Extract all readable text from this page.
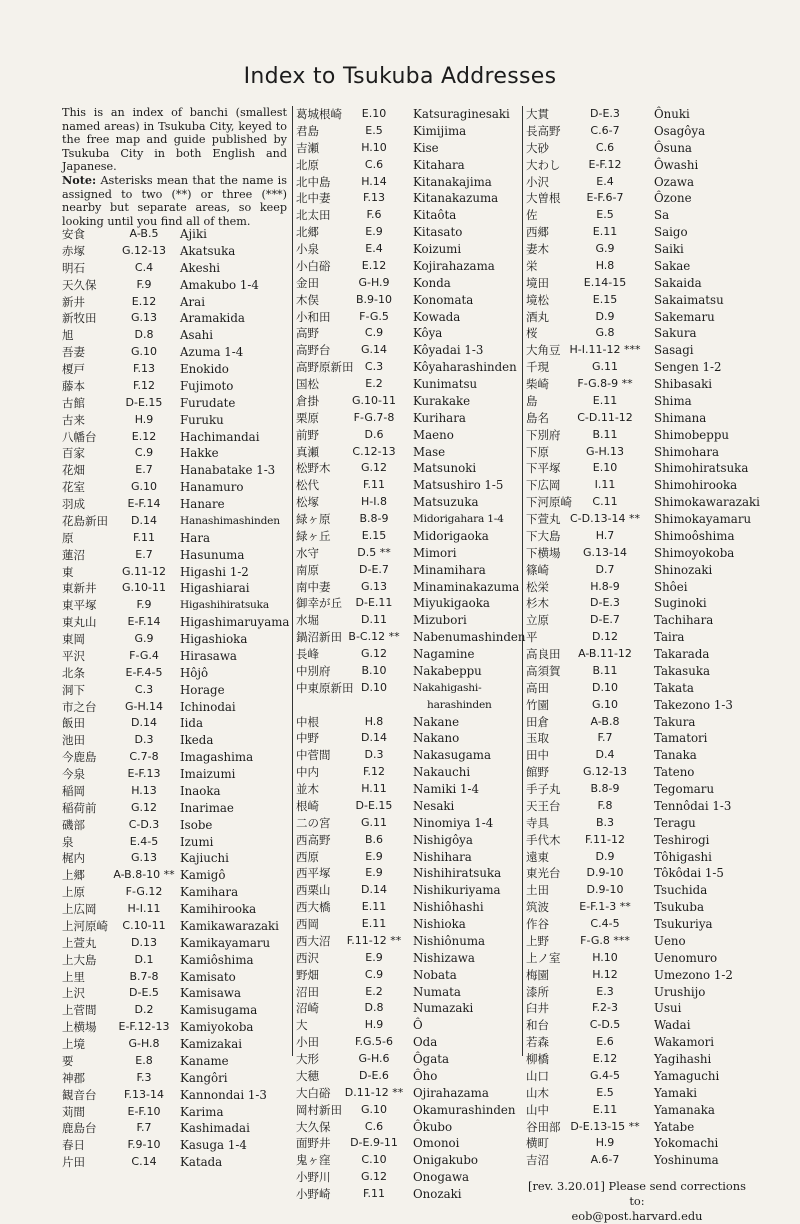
Index to Tsukuba Addresses

This is an index of banchi (smallest named areas) in Tsukuba City, keyed to the free map and guide published by Tsukuba City in both English and Japanese.
Note: Asterisks mean that the name is assigned to two (**) or three (***) nearby but separate areas, so keep looking until you find all of them.

安食	A-B.5	Ajiki
赤塚	G.12-13	Akatsuka
明石	C.4	Akeshi
天久保	F.9	Amakubo 1-4
新井	E.12	Arai
新牧田	G.13	Aramakida
旭	D.8	Asahi
吾妻	G.10	Azuma 1-4
榎戸	F.13	Enokido
藤本	F.12	Fujimoto
古館	D-E.15	Furudate
古来	H.9	Furuku
八幡台	E.12	Hachimandai
百家	C.9	Hakke
花畑	E.7	Hanabatake 1-3
花室	G.10	Hanamuro
羽成	E-F.14	Hanare
花島新田	D.14	Hanashimashinden
原	F.11	Hara
蓮沼	E.7	Hasunuma
東	G.11-12	Higashi 1-2
東新井	G.10-11	Higashiarai
東平塚	F.9	Higashihiratsuka
東丸山	E-F.14	Higashimaruyama
東岡	G.9	Higashioka
平沢	F-G.4	Hirasawa
北条	E-F.4-5	Hôjô
洞下	C.3	Horage
市之台	G-H.14	Ichinodai
飯田	D.14	Iida
池田	D.3	Ikeda
今鹿島	C.7-8	Imagashima
今泉	E-F.13	Imaizumi
稲岡	H.13	Inaoka
稲荷前	G.12	Inarimae
磯部	C-D.3	Isobe
泉	E.4-5	Izumi
梶内	G.13	Kajiuchi
上郷	A-B.8-10 ** Kamigô
上原	F-G.12	Kamihara
上広岡	H-I.11	Kamihirooka
上河原崎	C.10-11	Kamikawarazaki
上萱丸	D.13	Kamikayamaru
上大島	D.1	Kamiôshima
上里	B.7-8	Kamisato
上沢	D-E.5	Kamisawa
上菅間	D.2	Kamisugama
上横場	E-F.12-13 Kamiyokoba
上境	G-H.8	Kamizakai
要	E.8	Kaname
神郡	F.3	Kangôri
観音台	F.13-14	Kannondai 1-3
苅間	E-F.10	Karima
鹿島台	F.7	Kashimadai
春日	F.9-10	Kasuga 1-4
片田	C.14	Katada
葛城根崎	E.10	Katsuraginesaki
君島	E.5	Kimijima
吉瀬	H.10	Kise
北原	C.6	Kitahara
北中島	H.14	Kitanakajima
北中妻	F.13	Kitanakazuma
北太田	F.6	Kitaôta
北郷	E.9	Kitasato
小泉	E.4	Koizumi
小白硲	E.12	Kojirahazama
金田	G-H.9	Konda
木俣	B.9-10	Konomata
小和田	F-G.5	Kowada
高野	C.9	Kôya
高野台	G.14	Kôyadai 1-3
高野原新田	C.3	Kôyaharashinden
国松	E.2	Kunimatsu
倉掛	G.10-11	Kurakake
栗原	F-G.7-8	Kurihara
前野	D.6	Maeno
真瀬	C.12-13	Mase
松野木	G.12	Matsunoki
松代	F.11	Matsushiro 1-5
松塚	H-I.8	Matsuzuka
緑ヶ原	B.8-9	Midorigahara 1-4
緑ヶ丘	E.15	Midorigaoka
水守	D.5 **	Mimori
南原	D-E.7	Minamihara
南中妻	G.13	Minaminakazuma
御幸が丘	D-E.11	Miyukigaoka
水堀	D.11	Mizubori
鍋沼新田 B-C.12 **	Nabenumashinden
長峰	G.12	Nagamine
中別府	B.10	Nakabeppu
中東原新田 D.10	Nakahigashi-
harashinden
中根	H.8	Nakane
中野	D.14	Nakano
中菅間	D.3	Nakasugama
中内	F.12	Nakauchi
並木	H.11	Namiki 1-4
根崎	D-E.15	Nesaki
二の宮	G.11	Ninomiya 1-4
西高野	B.6	Nishigôya
西原	E.9	Nishihara
西平塚	E.9	Nishihiratsuka
西栗山	D.14	Nishikuriyama
西大橋	E.11	Nishiôhashi
西岡	E.11	Nishioka
西大沼	F.11-12 ** Nishiônuma
西沢	E.9	Nishizawa
野畑	C.9	Nobata
沼田	E.2	Numata
沼崎	D.8	Numazaki
大	H.9	Ô
小田	F.G.5-6	Oda
大形	G-H.6	Ôgata
大穂	D-E.6	Ôho
大白硲	D.11-12 ** Ojirahazama
岡村新田	G.10	Okamurashinden
大久保	C.6	Ôkubo
面野井	D-E.9-11	Omonoi
鬼ヶ窪	C.10	Onigakubo
小野川	G.12	Onogawa
小野崎	F.11	Onozaki
大貫	D-E.3	Ônuki
長高野	C.6-7	Osagôya
大砂	C.6	Ôsuna
大わし	E-F.12	Ôwashi
小沢	E.4	Ozawa
大曽根	E-F.6-7	Ôzone
佐	E.5	Sa
西郷	E.11	Saigo
妻木	G.9	Saiki
栄	H.8	Sakae
境田	E.14-15	Sakaida
境松	E.15	Sakaimatsu
酒丸	D.9	Sakemaru
桜	G.8	Sakura
大角豆 H-I.11-12 ***	Sasagi
千現	G.11	Sengen 1-2
柴崎	F-G.8-9 **	Shibasaki
島	E.11	Shima
島名	C-D.11-12	Shimana
下別府	B.11	Shimobeppu
下原	G-H.13	Shimohara
下平塚	E.10	Shimohiratsuka
下広岡	I.11	Shimohirooka
下河原崎	C.11	Shimokawarazaki
下萱丸 C-D.13-14 **	Shimokayamaru
下大島	H.7	Shimoôshima
下横場	G.13-14	Shimoyokoba
篠崎	D.7	Shinozaki
松栄	H.8-9	Shôei
杉木	D-E.3	Suginoki
立原	D-E.7	Tachihara
平	D.12	Taira
高良田	A-B.11-12	Takarada
高須賀	B.11	Takasuka
高田	D.10	Takata
竹園	G.10	Takezono 1-3
田倉	A-B.8	Takura
玉取	F.7	Tamatori
田中	D.4	Tanaka
館野	G.12-13	Tateno
手子丸	B.8-9	Tegomaru
天王台	F.8	Tennôdai 1-3
寺具	B.3	Teragu
手代木	F.11-12	Teshirogi
遠東	D.9	Tôhigashi
東光台	D.9-10	Tôkôdai 1-5
土田	D.9-10	Tsuchida
筑波	E-F.1-3 **	Tsukuba
作谷	C.4-5	Tsukuriya
上野	F-G.8 ***	Ueno
上ノ室	H.10	Uenomuro
梅園	H.12	Umezono 1-2
漆所	E.3	Urushijo
臼井	F.2-3	Usui
和台	C-D.5	Wadai
若森	E.6	Wakamori
柳橋	E.12	Yagihashi
山口	G.4-5	Yamaguchi
山木	E.5	Yamaki
山中	E.11	Yamanaka
谷田部 D-E.13-15 **	Yatabe
横町	H.9	Yokomachi
吉沼	A.6-7	Yoshinuma
[rev. 3.20.01] Please send corrections to:
eob@post.harvard.edu
